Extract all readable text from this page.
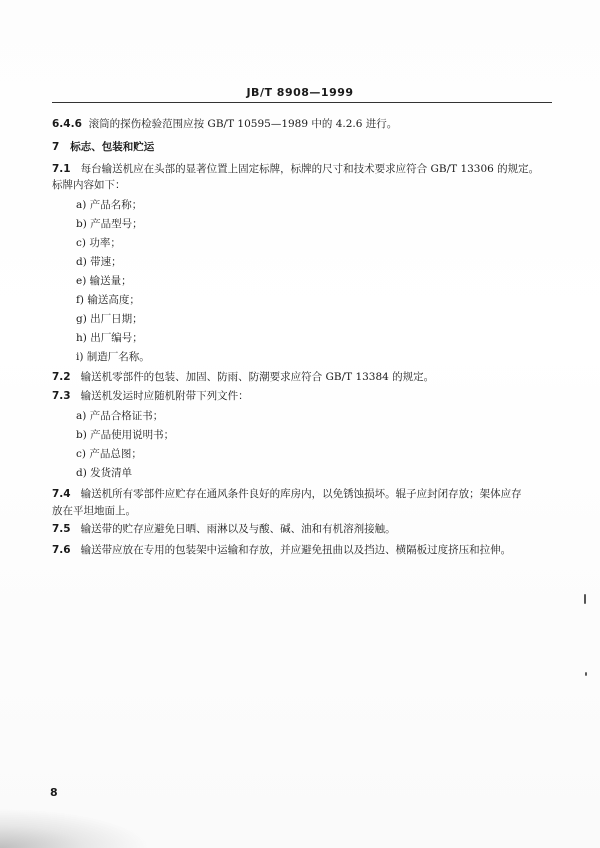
JB/T 8908—1999
6.4.6 滚筒的探伤检验范围应按 GB/T 10595—1989 中的 4.2.6 进行。
7 标志、包装和贮运
7.1 每台输送机应在头部的显著位置上固定标牌，标牌的尺寸和技术要求应符合 GB/T 13306 的规定。
标牌内容如下：
a) 产品名称；
b) 产品型号；
c) 功率；
d) 带速；
e) 输送量；
f) 输送高度；
g) 出厂日期；
h) 出厂编号；
i) 制造厂名称。
7.2 输送机零部件的包装、加固、防雨、防潮要求应符合 GB/T 13384 的规定。
7.3 输送机发运时应随机附带下列文件：
a) 产品合格证书；
b) 产品使用说明书；
c) 产品总图；
d) 发货清单
7.4 输送机所有零部件应贮存在通风条件良好的库房内，以免锈蚀损坏。辊子应封闭存放；架体应存
放在平坦地面上。
7.5 输送带的贮存应避免日晒、雨淋以及与酸、碱、油和有机溶剂接触。
7.6 输送带应放在专用的包装架中运输和存放，并应避免扭曲以及挡边、横隔板过度挤压和拉伸。
8
